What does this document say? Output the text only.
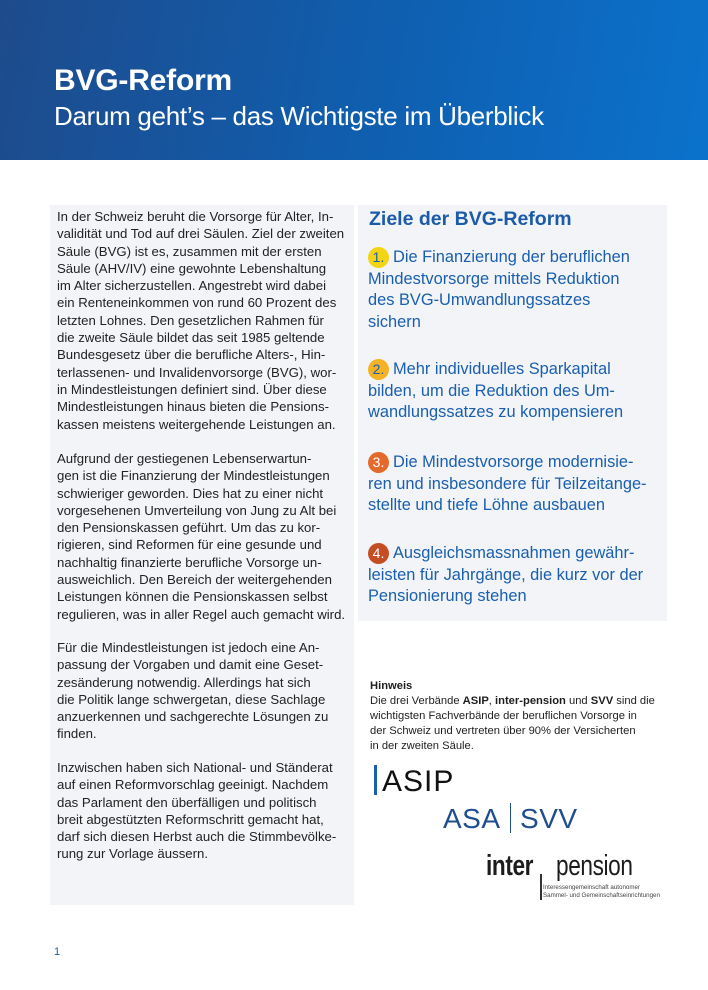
BVG-Reform
Darum geht’s – das Wichtigste im Überblick

In der Schweiz beruht die Vorsorge für Alter, In-
validität und Tod auf drei Säulen. Ziel der zweiten
Säule (BVG) ist es, zusammen mit der ersten
Säule (AHV/IV) eine gewohnte Lebenshaltung
im Alter sicherzustellen. Angestrebt wird dabei
ein Renteneinkommen von rund 60 Prozent des
letzten Lohnes. Den gesetzlichen Rahmen für
die zweite Säule bildet das seit 1985 geltende
Bundesgesetz über die berufliche Alters-, Hin-
terlassenen- und Invalidenvorsorge (BVG), wor-
in Mindestleistungen definiert sind. Über diese
Mindestleistungen hinaus bieten die Pensions-
kassen meistens weitergehende Leistungen an.

Aufgrund der gestiegenen Lebenserwartun-
gen ist die Finanzierung der Mindestleistungen
schwieriger geworden. Dies hat zu einer nicht
vorgesehenen Umverteilung von Jung zu Alt bei
den Pensionskassen geführt. Um das zu kor-
rigieren, sind Reformen für eine gesunde und
nachhaltig finanzierte berufliche Vorsorge un-
ausweichlich. Den Bereich der weitergehenden
Leistungen können die Pensionskassen selbst
regulieren, was in aller Regel auch gemacht wird.

Für die Mindestleistungen ist jedoch eine An-
passung der Vorgaben und damit eine Geset-
zesänderung notwendig. Allerdings hat sich
die Politik lange schwergetan, diese Sachlage
anzuerkennen und sachgerechte Lösungen zu
finden.

Inzwischen haben sich National- und Ständerat
auf einen Reformvorschlag geeinigt. Nachdem
das Parlament den überfälligen und politisch
breit abgestützten Reformschritt gemacht hat,
darf sich diesen Herbst auch die Stimmbevölke-
rung zur Vorlage äussern.

Ziele der BVG-Reform

1. Die Finanzierung der beruflichen
Mindestvorsorge mittels Reduktion
des BVG-Umwandlungssatzes
sichern

2. Mehr individuelles Sparkapital
bilden, um die Reduktion des Um-
wandlungssatzes zu kompensieren

3. Die Mindestvorsorge modernisie-
ren und insbesondere für Teilzeitange-
stellte und tiefe Löhne ausbauen

4. Ausgleichsmassnahmen gewähr-
leisten für Jahrgänge, die kurz vor der
Pensionierung stehen

Hinweis

Die drei Verbände ASIP, inter-pension und SVV sind die
wichtigsten Fachverbände der beruflichen Vorsorge in
der Schweiz und vertreten über 90% der Versicherten
in der zweiten Säule.

ASIP
ASA SVV
inter pension
Interessengemeinschaft autonomer
Sammel- und Gemeinschaftseinrichtungen
1
